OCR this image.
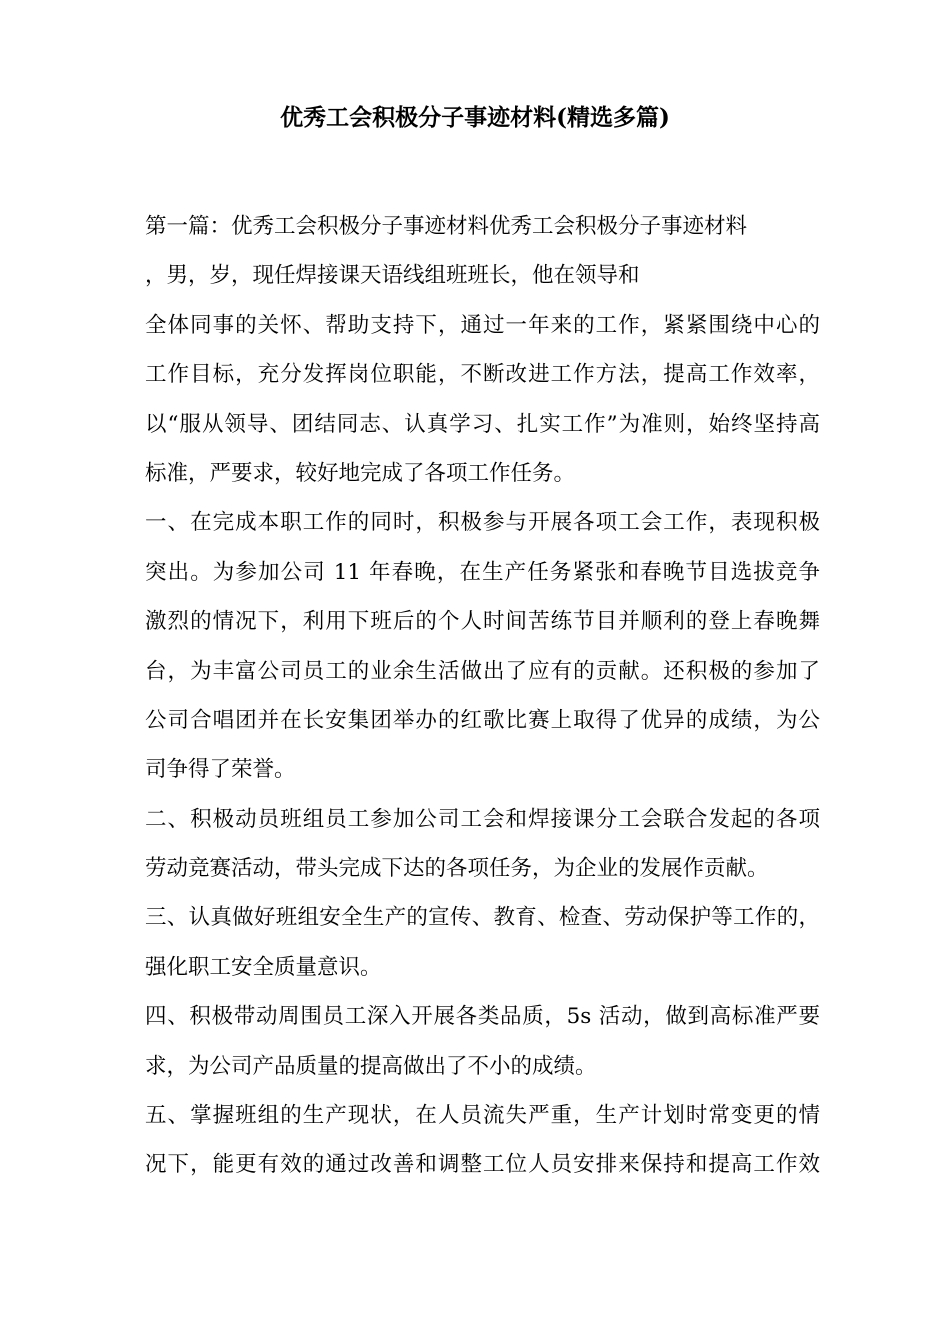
优秀工会积极分子事迹材料(精选多篇)
第一篇：优秀工会积极分子事迹材料优秀工会积极分子事迹材料
，男，岁，现任焊接课天语线组班班长，他在领导和
全体同事的关怀、帮助支持下，通过一年来的工作，紧紧围绕中心的
工作目标，充分发挥岗位职能，不断改进工作方法，提高工作效率，
以“服从领导、团结同志、认真学习、扎实工作”为准则，始终坚持高
标准，严要求，较好地完成了各项工作任务。
一、在完成本职工作的同时，积极参与开展各项工会工作，表现积极
突出。为参加公司 11 年春晚，在生产任务紧张和春晚节目选拔竞争
激烈的情况下，利用下班后的个人时间苦练节目并顺利的登上春晚舞
台，为丰富公司员工的业余生活做出了应有的贡献。还积极的参加了
公司合唱团并在长安集团举办的红歌比赛上取得了优异的成绩，为公
司争得了荣誉。
二、积极动员班组员工参加公司工会和焊接课分工会联合发起的各项
劳动竞赛活动，带头完成下达的各项任务，为企业的发展作贡献。
三、认真做好班组安全生产的宣传、教育、检查、劳动保护等工作的，
强化职工安全质量意识。
四、积极带动周围员工深入开展各类品质，5s 活动，做到高标准严要
求，为公司产品质量的提高做出了不小的成绩。
五、掌握班组的生产现状，在人员流失严重，生产计划时常变更的情
况下，能更有效的通过改善和调整工位人员安排来保持和提高工作效
